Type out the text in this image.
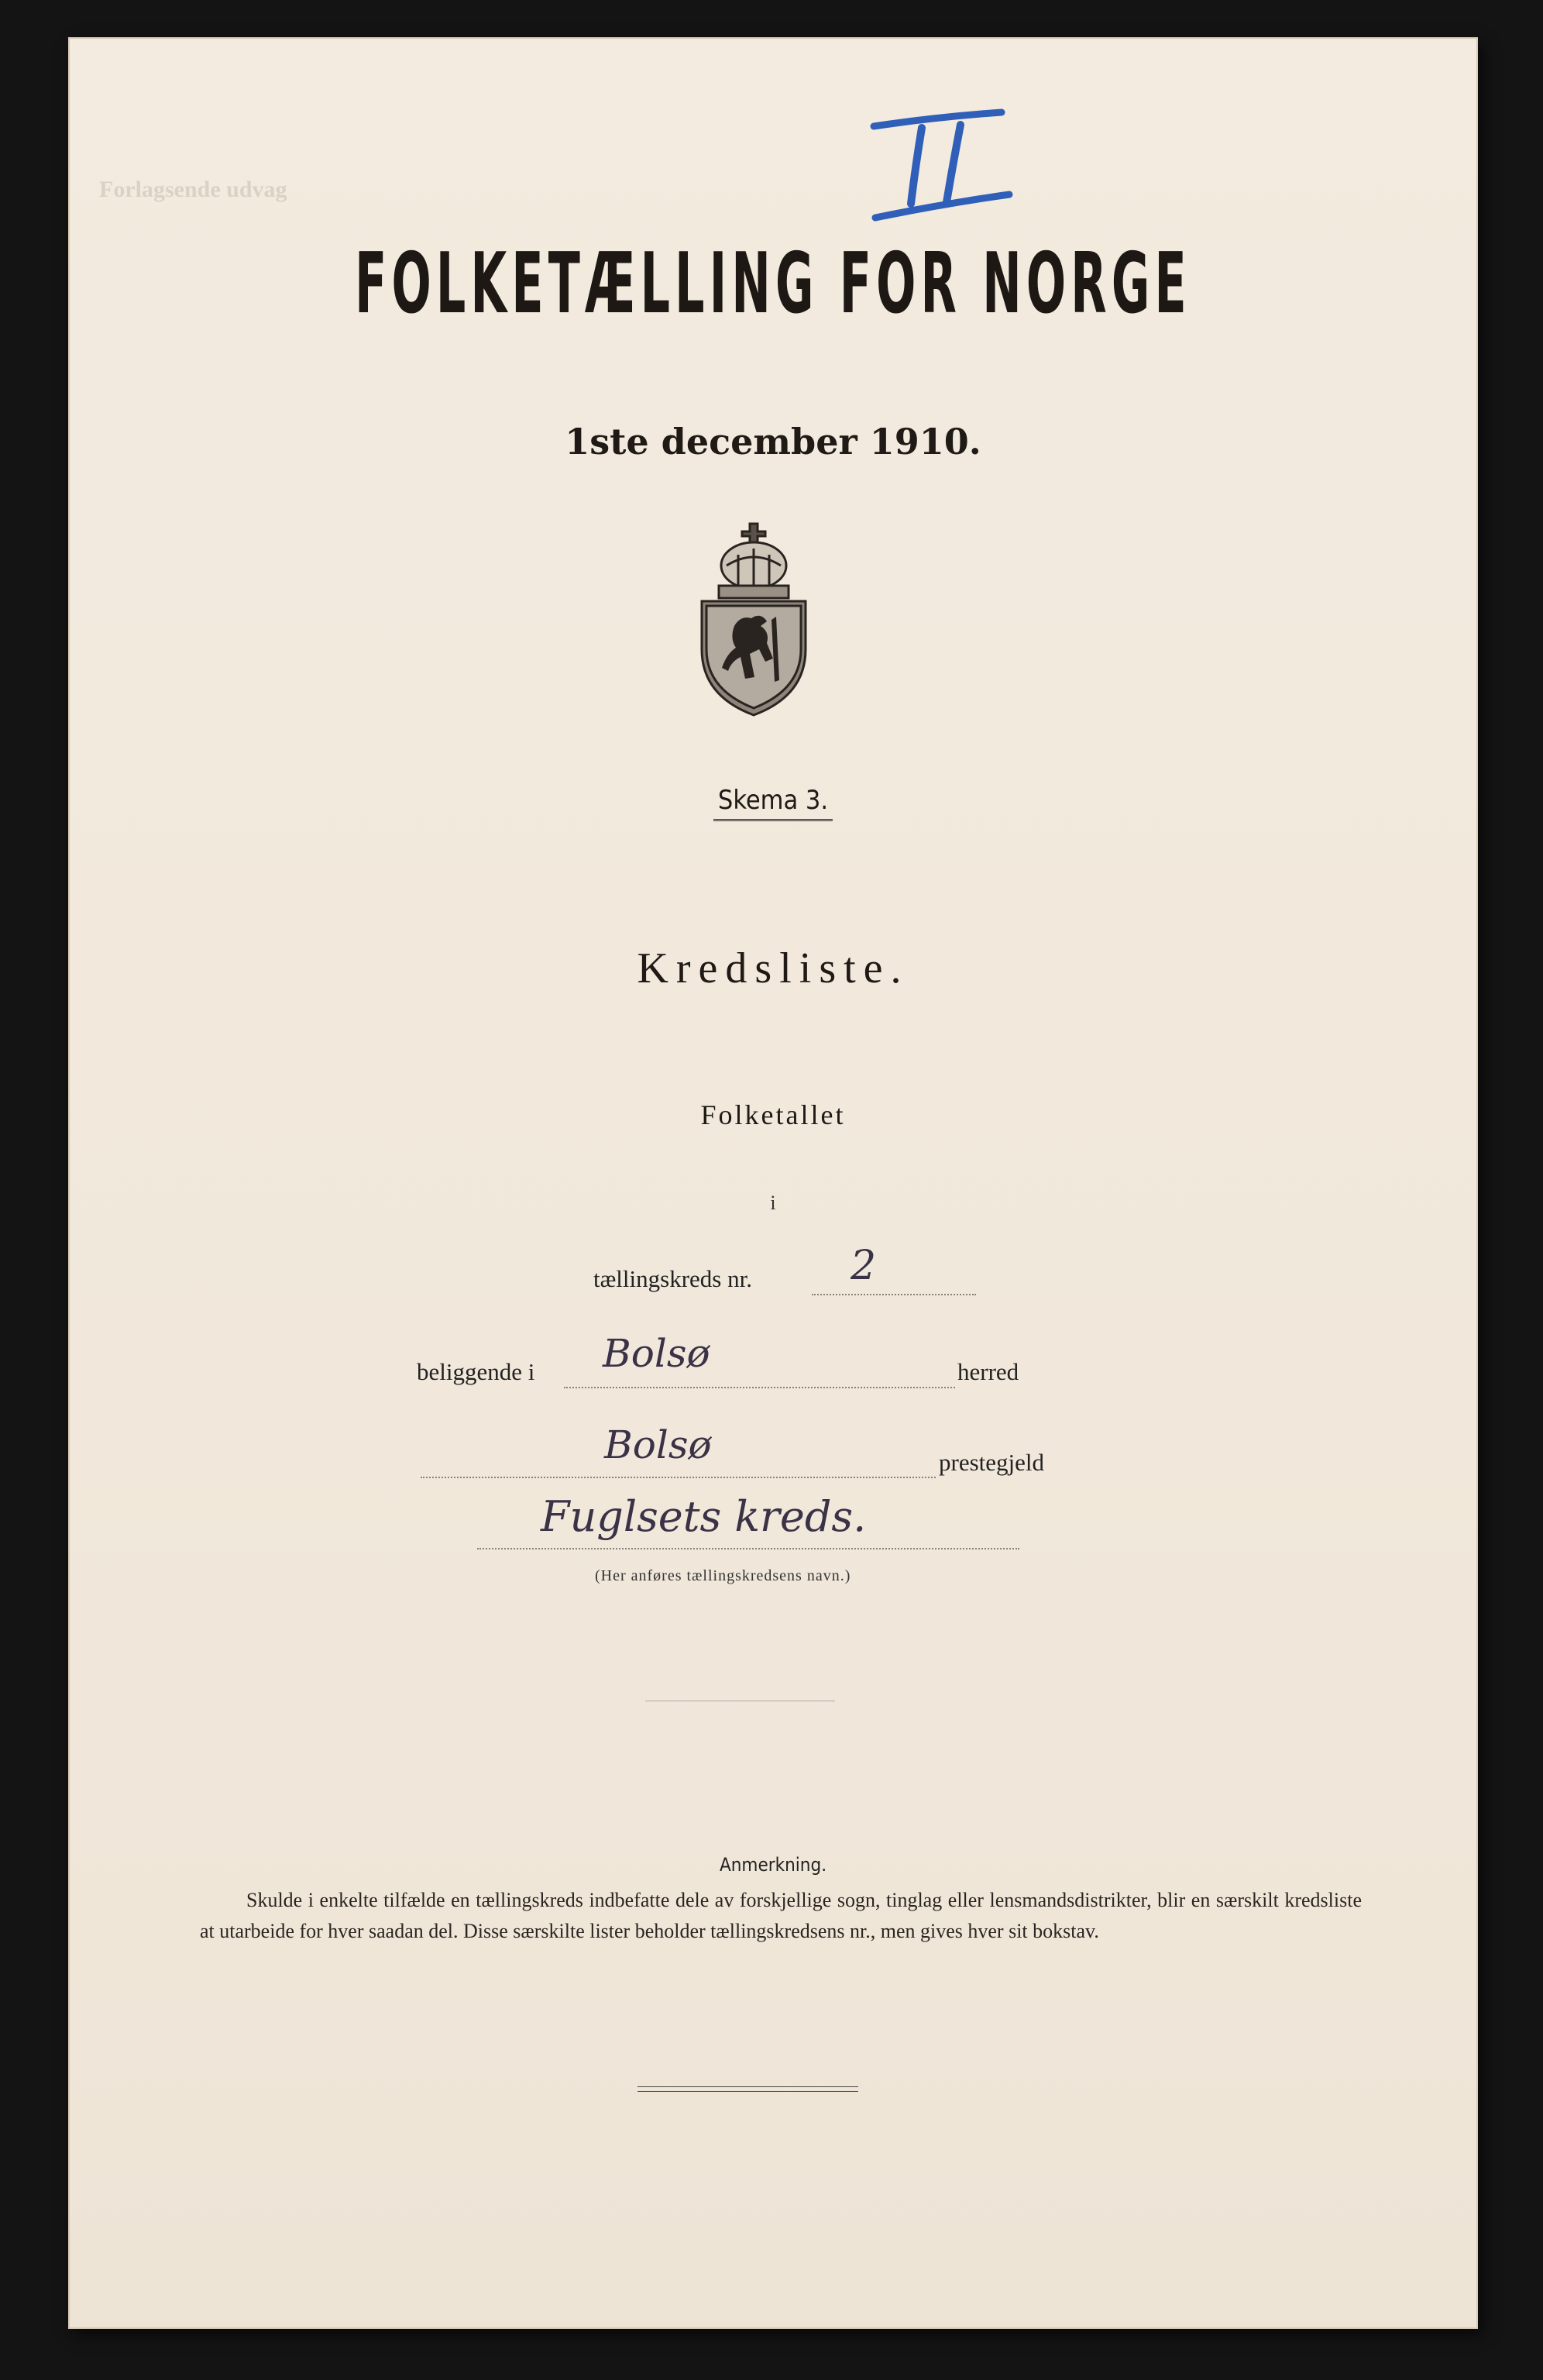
Forlagsende udvag
FOLKETÆLLING FOR NORGE
1ste december 1910.
Skema 3.
Kredsliste.
Folketallet
i
tællingskreds nr. 2
beliggende i Bolsø	herred
Bolsø	prestegjeld
Fuglsets kreds.
(Her anføres tællingskredsens navn.)
Anmerkning.

Skulde i enkelte tilfælde en tællingskreds indbefatte dele av forskjellige sogn, tinglag eller lensmandsdistrikter, blir en særskilt kredsliste at utarbeide for hver saadan del. Disse særskilte lister beholder tællingskredsens nr., men gives hver sit bokstav.
